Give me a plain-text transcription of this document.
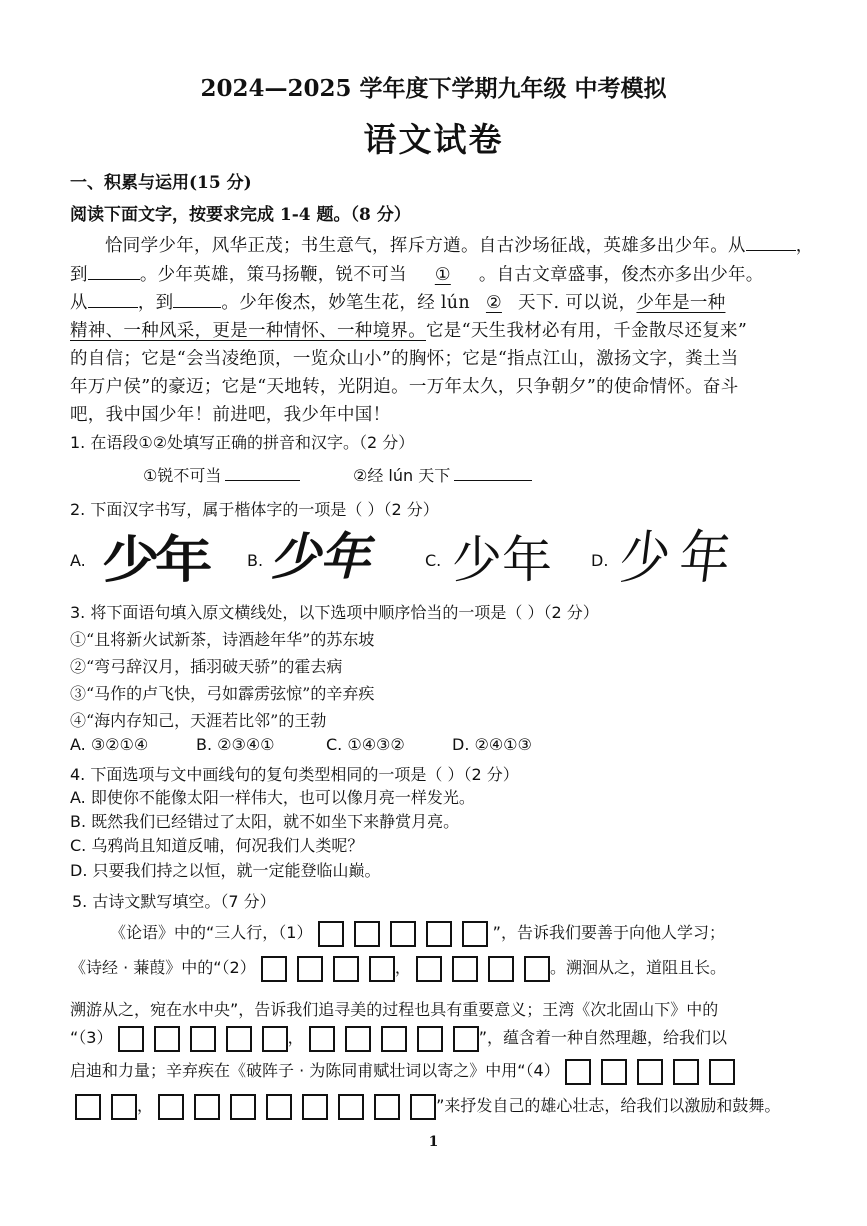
2024—2025 学年度下学期九年级 中考模拟
语文试卷
一、积累与运用(15 分)
阅读下面文字，按要求完成 1-4 题。（8 分）
恰同学少年，风华正茂；书生意气，挥斥方遒。自古沙场征战，英雄多出少年。从	，
到	。少年英雄，策马扬鞭，锐不可当 ① 。自古文章盛事，俊杰亦多出少年。
从	，到	。少年俊杰，妙笔生花，经 lún ② 天下. 可以说，少年是一种
精神、一种风采，更是一种情怀、一种境界。它是“天生我材必有用，千金散尽还复来”
的自信；它是“会当凌绝顶，一览众山小”的胸怀；它是“指点江山，激扬文字，粪土当
年万户侯”的豪迈；它是“天地转，光阴迫。一万年太久，只争朝夕”的使命情怀。奋斗
吧，我中国少年！前进吧，我少年中国！
1. 在语段①②处填写正确的拼音和汉字。（2 分）
①锐不可当	②经 lún 天下
2. 下面汉字书写，属于楷体字的一项是（ ）（2 分）
A. 少年 B. 少年	C. 少年 D. 少年
3. 将下面语句填入原文横线处，以下选项中顺序恰当的一项是（ ）（2 分）
①“且将新火试新茶，诗酒趁年华”的苏东坡
②“弯弓辞汉月，插羽破天骄”的霍去病
③“马作的卢飞快，弓如霹雳弦惊”的辛弃疾
④“海内存知己，天涯若比邻”的王勃
A. ③②①④	B. ②③④①	C. ①④③②	D. ②④①③
4. 下面选项与文中画线句的复句类型相同的一项是（ ）（2 分）
A. 即使你不能像太阳一样伟大，也可以像月亮一样发光。
B. 既然我们已经错过了太阳，就不如坐下来静赏月亮。
C. 乌鸦尚且知道反哺，何况我们人类呢？
D. 只要我们持之以恒，就一定能登临山巅。
5. 古诗文默写填空。（7 分）
《论语》中的“三人行，（1）	”，告诉我们要善于向他人学习；
《诗经 · 蒹葭》中的“（2）	，	。溯洄从之，道阻且长。
溯游从之，宛在水中央”，告诉我们追寻美的过程也具有重要意义；王湾《次北固山下》中的
“（3）	，	”，蕴含着一种自然理趣，给我们以
启迪和力量；辛弃疾在《破阵子 · 为陈同甫赋壮词以寄之》中用“（4）
，	”来抒发自己的雄心壮志，给我们以激励和鼓舞。
1
